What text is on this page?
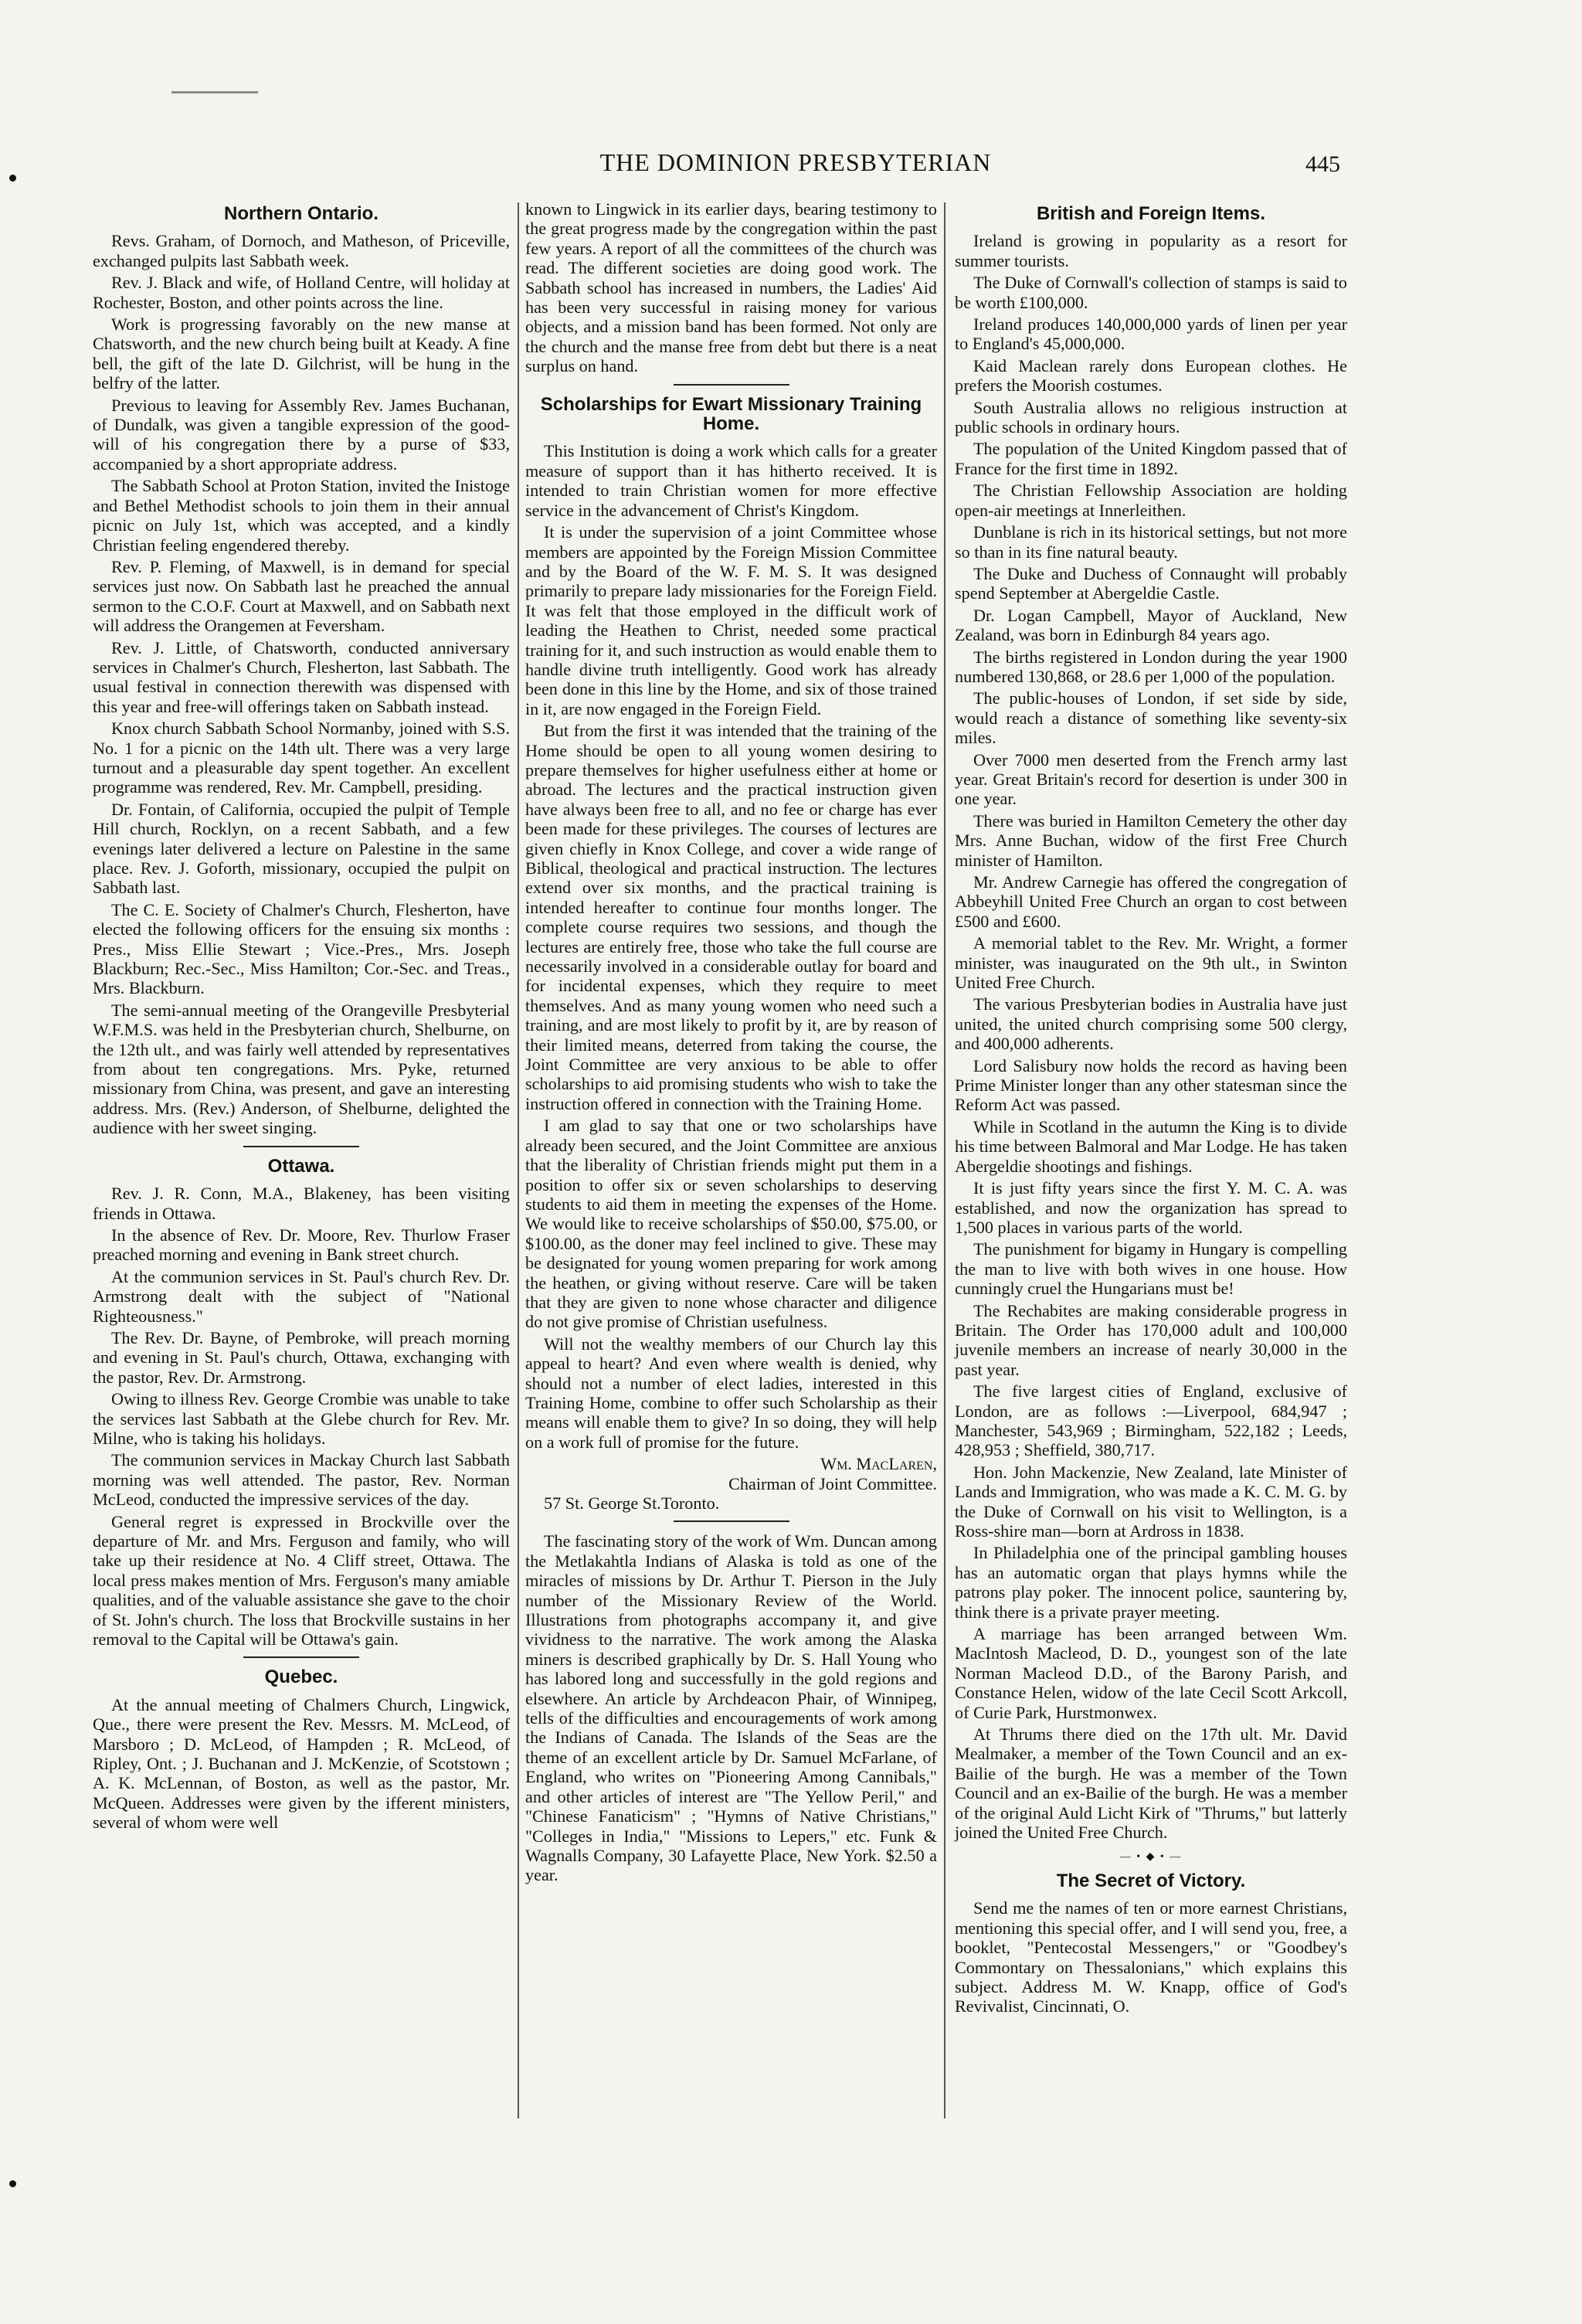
THE DOMINION PRESBYTERIAN	445
Northern Ontario.

Revs. Graham, of Dornoch, and Matheson, of Priceville, exchanged pulpits last Sabbath week.

Rev. J. Black and wife, of Holland Centre, will holiday at Rochester, Boston, and other points across the line.

Work is progressing favorably on the new manse at Chatsworth, and the new church being built at Keady. A fine bell, the gift of the late D. Gilchrist, will be hung in the belfry of the latter.

Previous to leaving for Assembly Rev. James Buchanan, of Dundalk, was given a tangible expression of the good-will of his congregation there by a purse of $33, accompanied by a short appropriate address.

The Sabbath School at Proton Station, invited the Inistoge and Bethel Methodist schools to join them in their annual picnic on July 1st, which was accepted, and a kindly Christian feeling engendered thereby.

Rev. P. Fleming, of Maxwell, is in demand for special services just now. On Sabbath last he preached the annual sermon to the C.O.F. Court at Maxwell, and on Sabbath next will address the Orangemen at Feversham.

Rev. J. Little, of Chatsworth, conducted anniversary services in Chalmer's Church, Flesherton, last Sabbath. The usual festival in connection therewith was dispensed with this year and free-will offerings taken on Sabbath instead.

Knox church Sabbath School Normanby, joined with S.S. No. 1 for a picnic on the 14th ult. There was a very large turnout and a pleasurable day spent together. An excellent programme was rendered, Rev. Mr. Campbell, presiding.

Dr. Fontain, of California, occupied the pulpit of Temple Hill church, Rocklyn, on a recent Sabbath, and a few evenings later delivered a lecture on Palestine in the same place. Rev. J. Goforth, missionary, occupied the pulpit on Sabbath last.

The C. E. Society of Chalmer's Church, Flesherton, have elected the following officers for the ensuing six months : Pres., Miss Ellie Stewart ; Vice.-Pres., Mrs. Joseph Blackburn; Rec.-Sec., Miss Hamilton; Cor.-Sec. and Treas., Mrs. Blackburn.

The semi-annual meeting of the Orangeville Presbyterial W.F.M.S. was held in the Presbyterian church, Shelburne, on the 12th ult., and was fairly well attended by representatives from about ten congregations. Mrs. Pyke, returned missionary from China, was present, and gave an interesting address. Mrs. (Rev.) Anderson, of Shelburne, delighted the audience with her sweet singing.

Ottawa.

Rev. J. R. Conn, M.A., Blakeney, has been visiting friends in Ottawa.

In the absence of Rev. Dr. Moore, Rev. Thurlow Fraser preached morning and evening in Bank street church.

At the communion services in St. Paul's church Rev. Dr. Armstrong dealt with the subject of "National Righteousness."

The Rev. Dr. Bayne, of Pembroke, will preach morning and evening in St. Paul's church, Ottawa, exchanging with the pastor, Rev. Dr. Armstrong.

Owing to illness Rev. George Crombie was unable to take the services last Sabbath at the Glebe church for Rev. Mr. Milne, who is taking his holidays.

The communion services in Mackay Church last Sabbath morning was well attended. The pastor, Rev. Norman McLeod, conducted the impressive services of the day.

General regret is expressed in Brockville over the departure of Mr. and Mrs. Ferguson and family, who will take up their residence at No. 4 Cliff street, Ottawa. The local press makes mention of Mrs. Ferguson's many amiable qualities, and of the valuable assistance she gave to the choir of St. John's church. The loss that Brockville sustains in her removal to the Capital will be Ottawa's gain.

Quebec.

At the annual meeting of Chalmers Church, Lingwick, Que., there were present the Rev. Messrs. M. McLeod, of Marsboro ; D. McLeod, of Hampden ; R. McLeod, of Ripley, Ont. ; J. Buchanan and J. McKenzie, of Scotstown ; A. K. McLennan, of Boston, as well as the pastor, Mr. McQueen. Addresses were given by the ifferent ministers, several of whom were well

known to Lingwick in its earlier days, bearing testimony to the great progress made by the congregation within the past few years. A report of all the committees of the church was read. The different societies are doing good work. The Sabbath school has increased in numbers, the Ladies' Aid has been very successful in raising money for various objects, and a mission band has been formed. Not only are the church and the manse free from debt but there is a neat surplus on hand.

Scholarships for Ewart Missionary Training Home.

This Institution is doing a work which calls for a greater measure of support than it has hitherto received. It is intended to train Christian women for more effective service in the advancement of Christ's Kingdom.

It is under the supervision of a joint Committee whose members are appointed by the Foreign Mission Committee and by the Board of the W. F. M. S. It was designed primarily to prepare lady missionaries for the Foreign Field. It was felt that those employed in the difficult work of leading the Heathen to Christ, needed some practical training for it, and such instruction as would enable them to handle divine truth intelligently. Good work has already been done in this line by the Home, and six of those trained in it, are now engaged in the Foreign Field.

But from the first it was intended that the training of the Home should be open to all young women desiring to prepare themselves for higher usefulness either at home or abroad. The lectures and the practical instruction given have always been free to all, and no fee or charge has ever been made for these privileges. The courses of lectures are given chiefly in Knox College, and cover a wide range of Biblical, theological and practical instruction. The lectures extend over six months, and the practical training is intended hereafter to continue four months longer. The complete course requires two sessions, and though the lectures are entirely free, those who take the full course are necessarily involved in a considerable outlay for board and for incidental expenses, which they require to meet themselves. And as many young women who need such a training, and are most likely to profit by it, are by reason of their limited means, deterred from taking the course, the Joint Committee are very anxious to be able to offer scholarships to aid promising students who wish to take the instruction offered in connection with the Training Home.

I am glad to say that one or two scholarships have already been secured, and the Joint Committee are anxious that the liberality of Christian friends might put them in a position to offer six or seven scholarships to deserving students to aid them in meeting the expenses of the Home. We would like to receive scholarships of $50.00, $75.00, or $100.00, as the doner may feel inclined to give. These may be designated for young women preparing for work among the heathen, or giving without reserve. Care will be taken that they are given to none whose character and diligence do not give promise of Christian usefulness.

Will not the wealthy members of our Church lay this appeal to heart? And even where wealth is denied, why should not a number of elect ladies, interested in this Training Home, combine to offer such Scholarship as their means will enable them to give? In so doing, they will help on a work full of promise for the future.

Wm. MacLaren,
Chairman of Joint Committee.

57 St. George St.Toronto.

The fascinating story of the work of Wm. Duncan among the Metlakahtla Indians of Alaska is told as one of the miracles of missions by Dr. Arthur T. Pierson in the July number of the Missionary Review of the World. Illustrations from photographs accompany it, and give vividness to the narrative. The work among the Alaska miners is described graphically by Dr. S. Hall Young who has labored long and successfully in the gold regions and elsewhere. An article by Archdeacon Phair, of Winnipeg, tells of the difficulties and encouragements of work among the Indians of Canada. The Islands of the Seas are the theme of an excellent article by Dr. Samuel McFarlane, of England, who writes on "Pioneering Among Cannibals," and other articles of interest are "The Yellow Peril," and "Chinese Fanaticism" ; "Hymns of Native Christians," "Colleges in India," "Missions to Lepers," etc. Funk & Wagnalls Company, 30 Lafayette Place, New York. $2.50 a year.

British and Foreign Items.

Ireland is growing in popularity as a resort for summer tourists.

The Duke of Cornwall's collection of stamps is said to be worth £100,000.

Ireland produces 140,000,000 yards of linen per year to England's 45,000,000.

Kaid Maclean rarely dons European clothes. He prefers the Moorish costumes.

South Australia allows no religious instruction at public schools in ordinary hours.

The population of the United Kingdom passed that of France for the first time in 1892.

The Christian Fellowship Association are holding open-air meetings at Innerleithen.

Dunblane is rich in its historical settings, but not more so than in its fine natural beauty.

The Duke and Duchess of Connaught will probably spend September at Abergeldie Castle.

Dr. Logan Campbell, Mayor of Auckland, New Zealand, was born in Edinburgh 84 years ago.

The births registered in London during the year 1900 numbered 130,868, or 28.6 per 1,000 of the population.

The public-houses of London, if set side by side, would reach a distance of something like seventy-six miles.

Over 7000 men deserted from the French army last year. Great Britain's record for desertion is under 300 in one year.

There was buried in Hamilton Cemetery the other day Mrs. Anne Buchan, widow of the first Free Church minister of Hamilton.

Mr. Andrew Carnegie has offered the congregation of Abbeyhill United Free Church an organ to cost between £500 and £600.

A memorial tablet to the Rev. Mr. Wright, a former minister, was inaugurated on the 9th ult., in Swinton United Free Church.

The various Presbyterian bodies in Australia have just united, the united church comprising some 500 clergy, and 400,000 adherents.

Lord Salisbury now holds the record as having been Prime Minister longer than any other statesman since the Reform Act was passed.

While in Scotland in the autumn the King is to divide his time between Balmoral and Mar Lodge. He has taken Abergeldie shootings and fishings.

It is just fifty years since the first Y. M. C. A. was established, and now the organization has spread to 1,500 places in various parts of the world.

The punishment for bigamy in Hungary is compelling the man to live with both wives in one house. How cunningly cruel the Hungarians must be!

The Rechabites are making considerable progress in Britain. The Order has 170,000 adult and 100,000 juvenile members an increase of nearly 30,000 in the past year.

The five largest cities of England, exclusive of London, are as follows :—Liverpool, 684,947 ; Manchester, 543,969 ; Birmingham, 522,182 ; Leeds, 428,953 ; Sheffield, 380,717.

Hon. John Mackenzie, New Zealand, late Minister of Lands and Immigration, who was made a K. C. M. G. by the Duke of Cornwall on his visit to Wellington, is a Ross-shire man—born at Ardross in 1838.

In Philadelphia one of the principal gambling houses has an automatic organ that plays hymns while the patrons play poker. The innocent police, sauntering by, think there is a private prayer meeting.

A marriage has been arranged between Wm. MacIntosh Macleod, D. D., youngest son of the late Norman Macleod D.D., of the Barony Parish, and Constance Helen, widow of the late Cecil Scott Arkcoll, of Curie Park, Hurstmonwex.

At Thrums there died on the 17th ult. Mr. David Mealmaker, a member of the Town Council and an ex-Bailie of the burgh. He was a member of the Town Council and an ex-Bailie of the burgh. He was a member of the original Auld Licht Kirk of "Thrums," but latterly joined the United Free Church.

— • ◆ • —
The Secret of Victory.

Send me the names of ten or more earnest Christians, mentioning this special offer, and I will send you, free, a booklet, "Pentecostal Messengers," or "Goodbey's Commontary on Thessalonians," which explains this subject. Address M. W. Knapp, office of God's Revivalist, Cincinnati, O.
